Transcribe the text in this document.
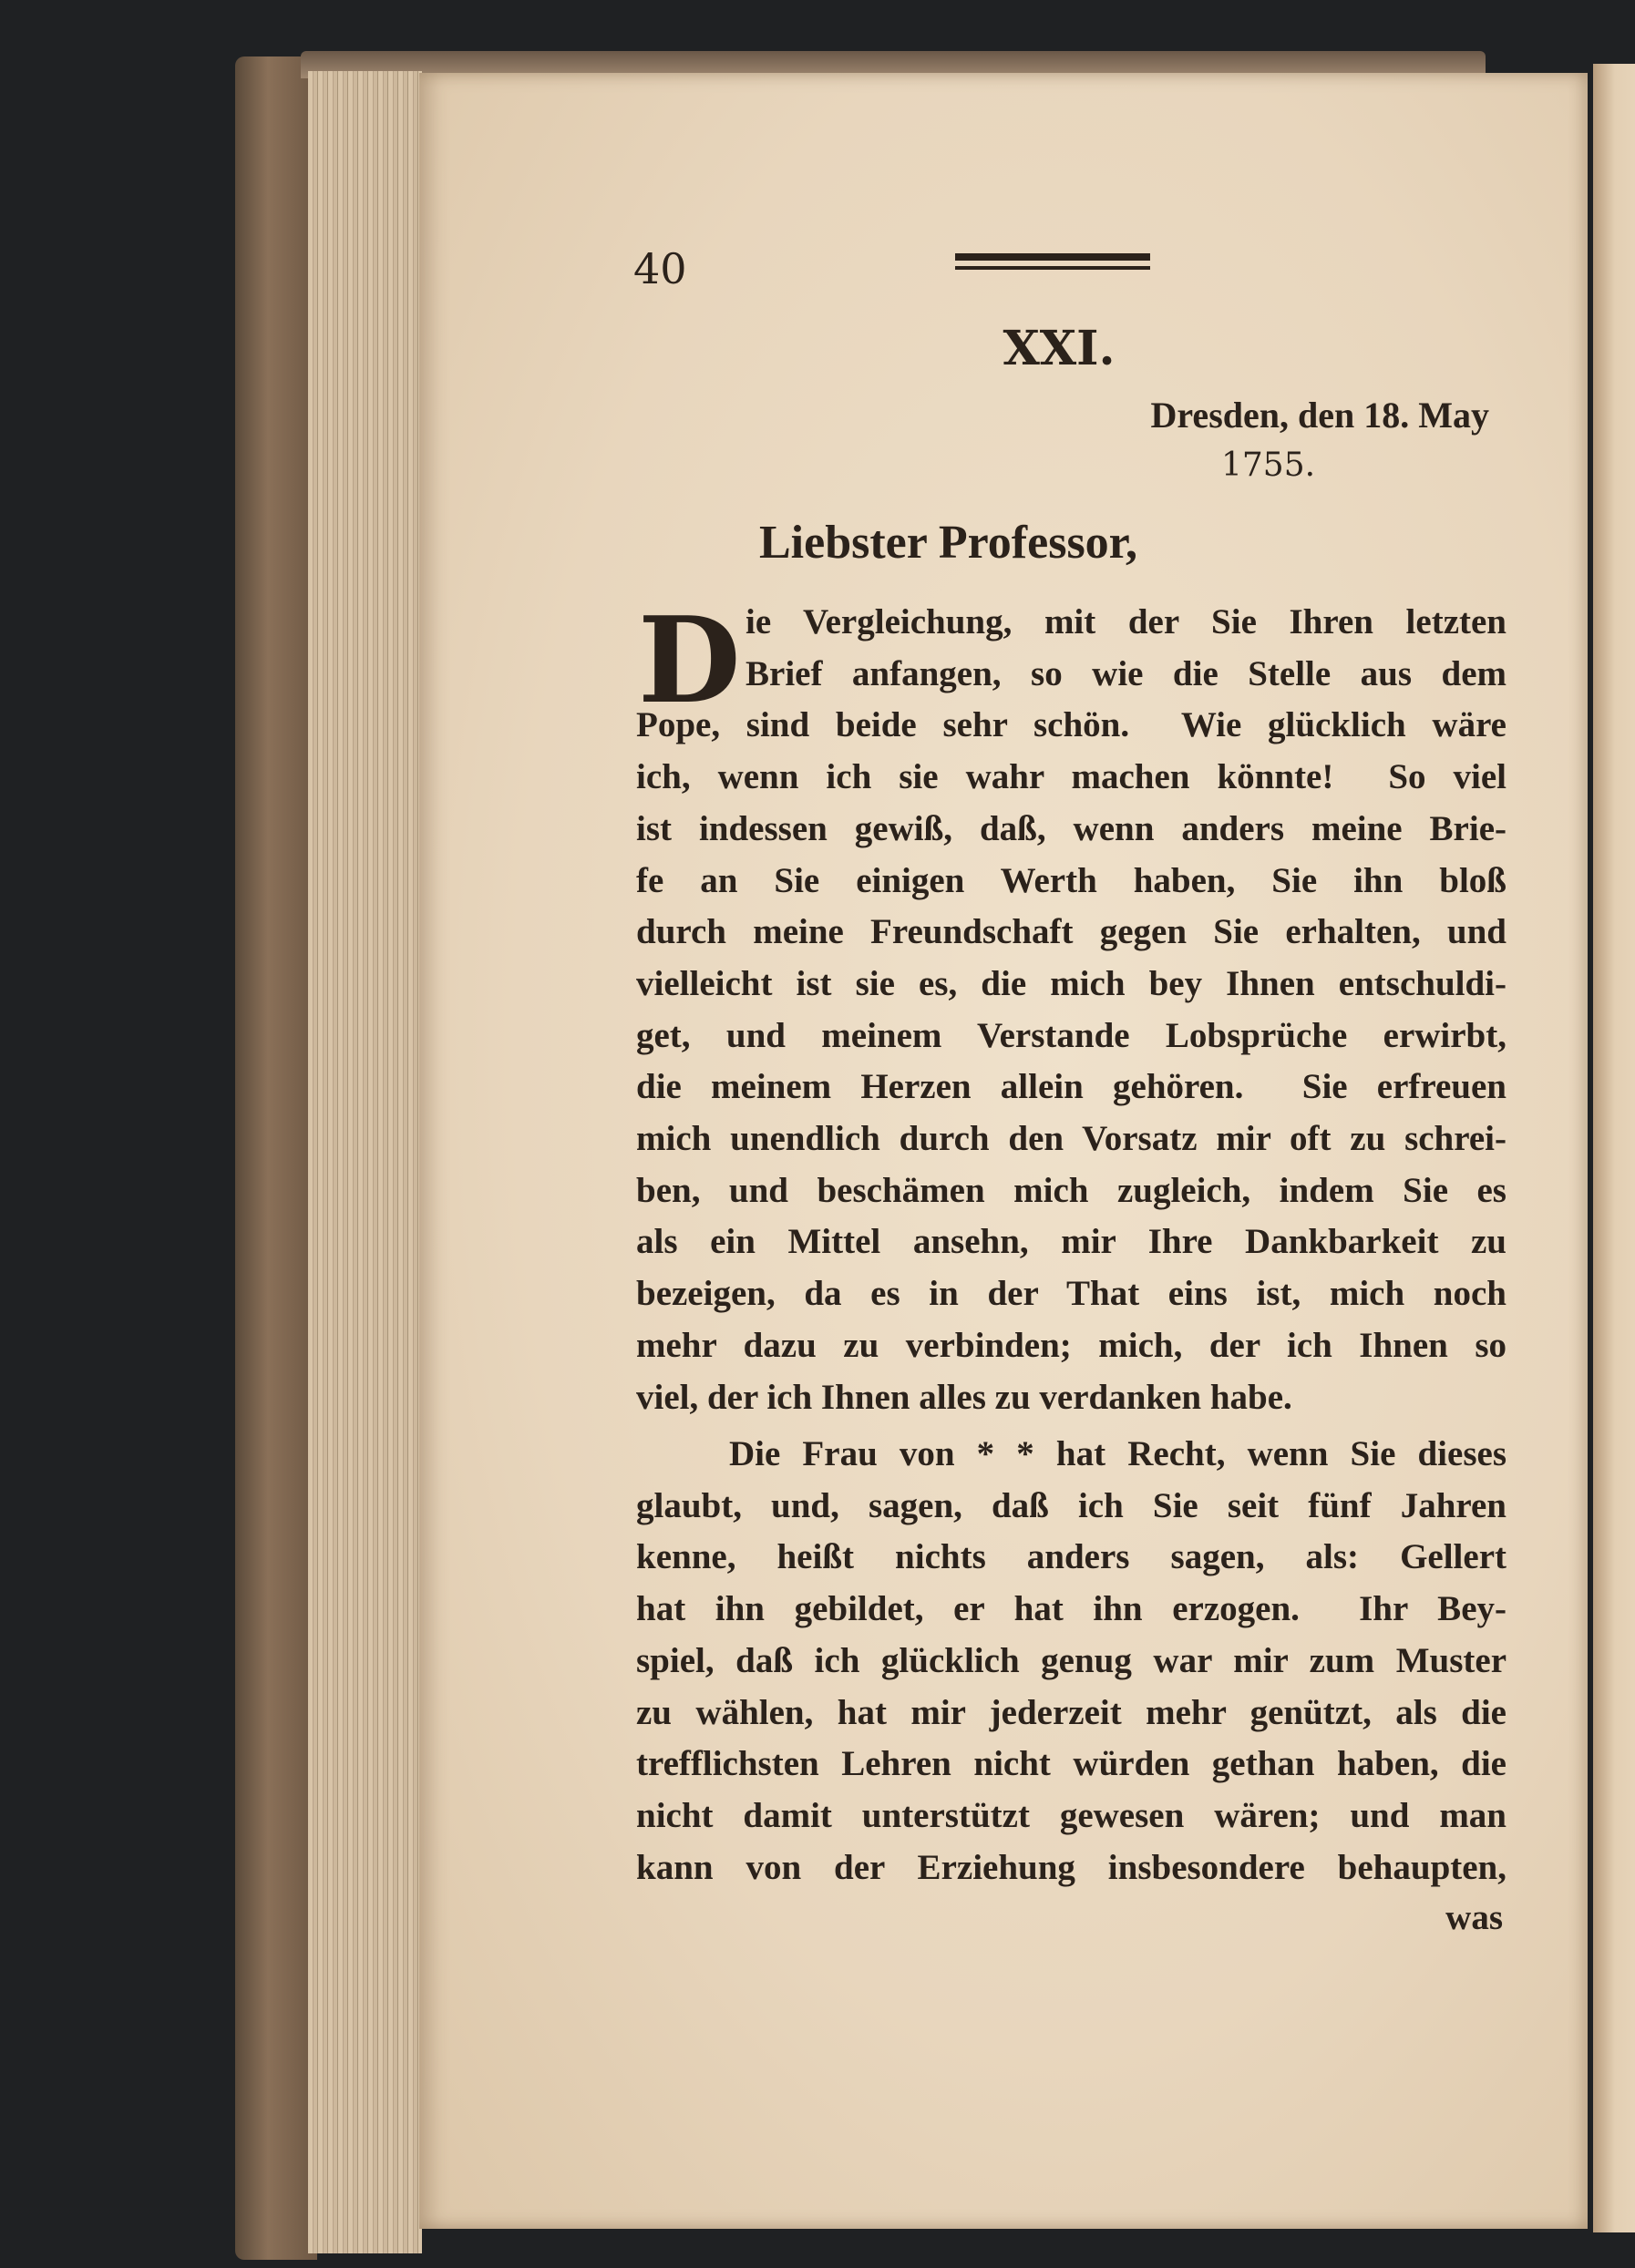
40
XXI.
Dresden, den 18. May
1755.
Liebster Professor,
D ie Vergleichung, mit der Sie Ihren letzten
Brief anfangen, so wie die Stelle aus dem
Pope, sind beide sehr schön.  Wie glücklich wäre
ich, wenn ich sie wahr machen könnte!  So viel
ist indessen gewiß, daß, wenn anders meine Brie-
fe an Sie einigen Werth haben, Sie ihn bloß
durch meine Freundschaft gegen Sie erhalten, und
vielleicht ist sie es, die mich bey Ihnen entschuldi-
get, und meinem Verstande Lobsprüche erwirbt,
die meinem Herzen allein gehören.  Sie erfreuen
mich unendlich durch den Vorsatz mir oft zu schrei-
ben, und beschämen mich zugleich, indem Sie es
als ein Mittel ansehn, mir Ihre Dankbarkeit zu
bezeigen, da es in der That eins ist, mich noch
mehr dazu zu verbinden; mich, der ich Ihnen so
viel, der ich Ihnen alles zu verdanken habe.
Die Frau von * * hat Recht, wenn Sie dieses
glaubt, und, sagen, daß ich Sie seit fünf Jahren
kenne, heißt nichts anders sagen, als: Gellert
hat ihn gebildet, er hat ihn erzogen.  Ihr Bey-
spiel, daß ich glücklich genug war mir zum Muster
zu wählen, hat mir jederzeit mehr genützt, als die
trefflichsten Lehren nicht würden gethan haben, die
nicht damit unterstützt gewesen wären; und man
kann von der Erziehung insbesondere behaupten,
was
